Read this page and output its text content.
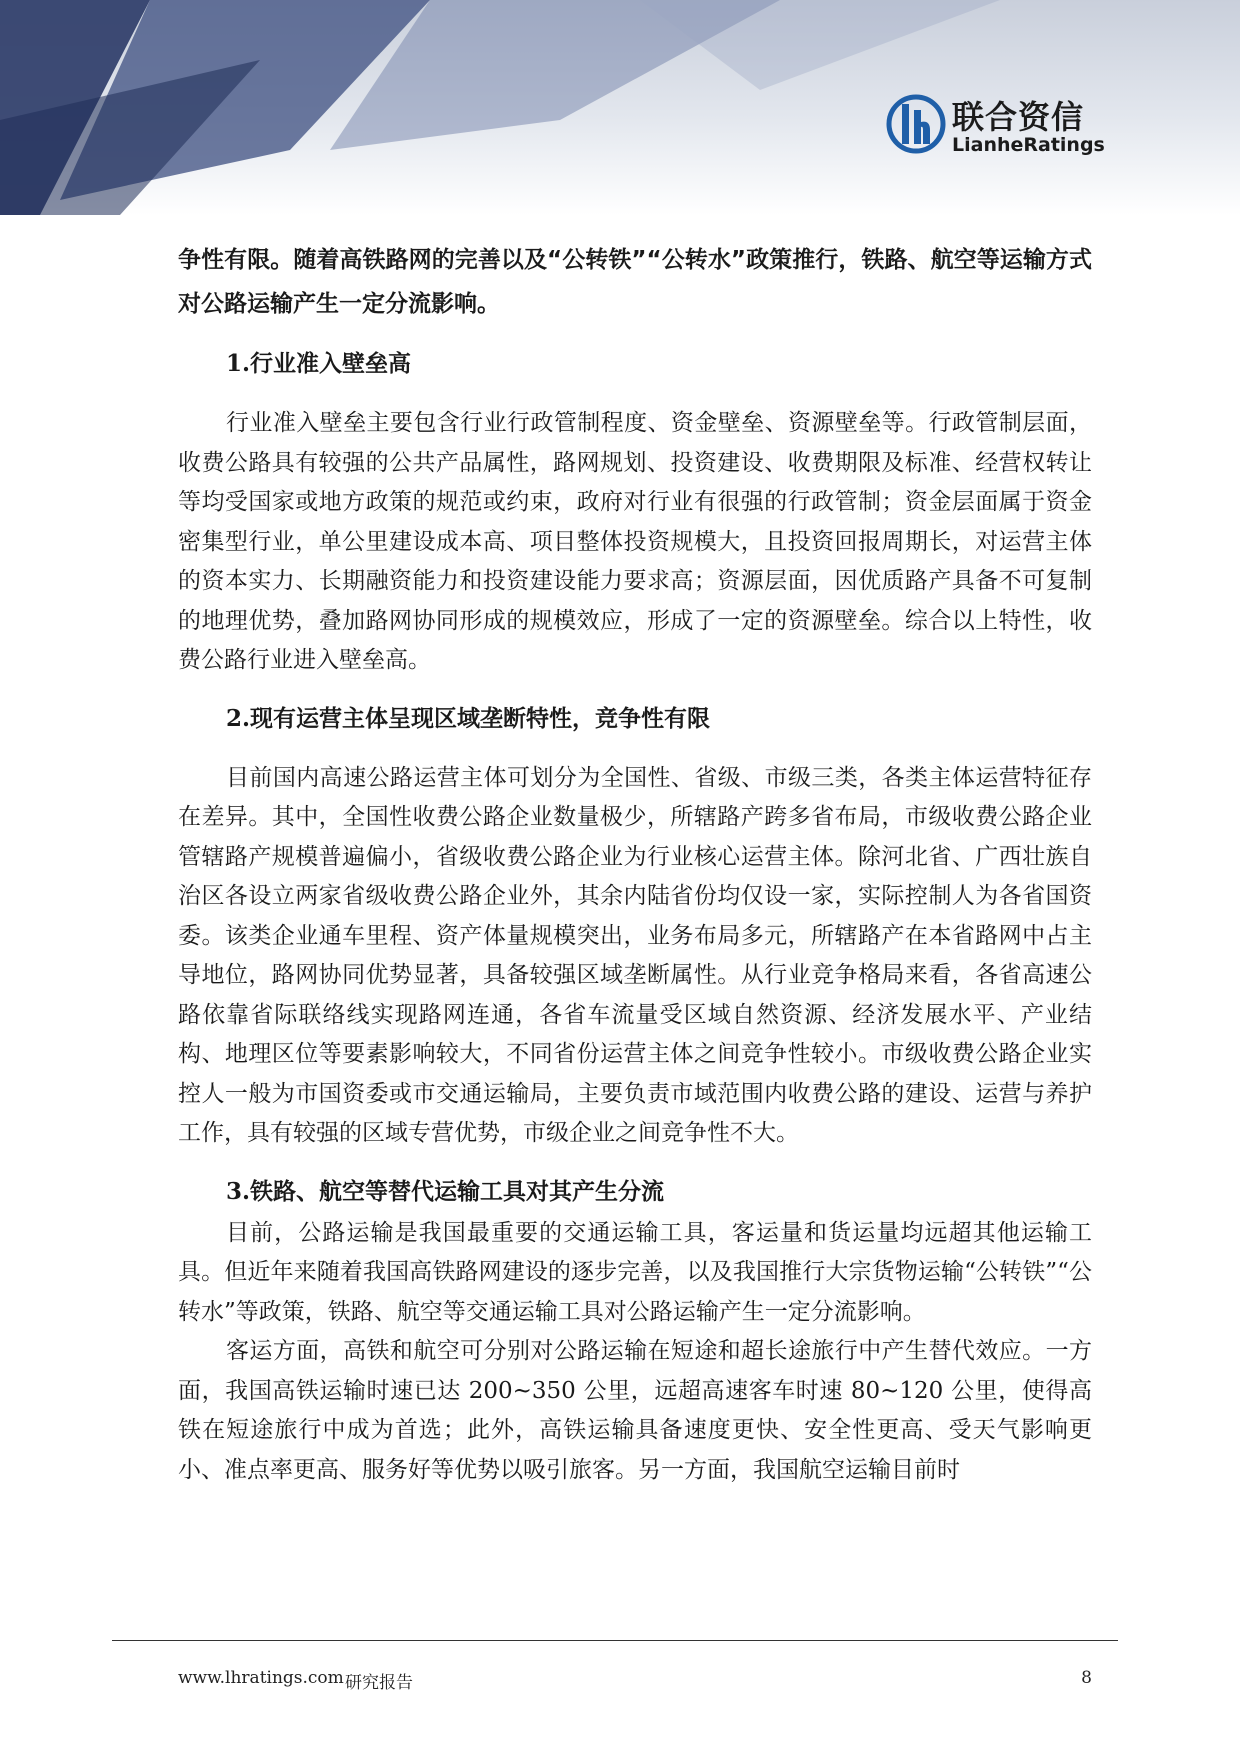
联合资信
LianheRatings

争性有限。随着高铁路网的完善以及“公转铁”“公转水”政策推行，铁路、航空等运输方式对公路运输产生一定分流影响。

1.行业准入壁垒高

行业准入壁垒主要包含行业行政管制程度、资金壁垒、资源壁垒等。行政管制层面，收费公路具有较强的公共产品属性，路网规划、投资建设、收费期限及标准、经营权转让等均受国家或地方政策的规范或约束，政府对行业有很强的行政管制；资金层面属于资金密集型行业，单公里建设成本高、项目整体投资规模大，且投资回报周期长，对运营主体的资本实力、长期融资能力和投资建设能力要求高；资源层面，因优质路产具备不可复制的地理优势，叠加路网协同形成的规模效应，形成了一定的资源壁垒。综合以上特性，收费公路行业进入壁垒高。

2.现有运营主体呈现区域垄断特性，竞争性有限

目前国内高速公路运营主体可划分为全国性、省级、市级三类，各类主体运营特征存在差异。其中，全国性收费公路企业数量极少，所辖路产跨多省布局，市级收费公路企业管辖路产规模普遍偏小，省级收费公路企业为行业核心运营主体。除河北省、广西壮族自治区各设立两家省级收费公路企业外，其余内陆省份均仅设一家，实际控制人为各省国资委。该类企业通车里程、资产体量规模突出，业务布局多元，所辖路产在本省路网中占主导地位，路网协同优势显著，具备较强区域垄断属性。从行业竞争格局来看，各省高速公路依靠省际联络线实现路网连通，各省车流量受区域自然资源、经济发展水平、产业结构、地理区位等要素影响较大，不同省份运营主体之间竞争性较小。市级收费公路企业实控人一般为市国资委或市交通运输局，主要负责市域范围内收费公路的建设、运营与养护工作，具有较强的区域专营优势，市级企业之间竞争性不大。

3.铁路、航空等替代运输工具对其产生分流

目前，公路运输是我国最重要的交通运输工具，客运量和货运量均远超其他运输工具。但近年来随着我国高铁路网建设的逐步完善，以及我国推行大宗货物运输“公转铁”“公转水”等政策，铁路、航空等交通运输工具对公路运输产生一定分流影响。

客运方面，高铁和航空可分别对公路运输在短途和超长途旅行中产生替代效应。一方面，我国高铁运输时速已达 200~350 公里，远超高速客车时速 80~120 公里，使得高铁在短途旅行中成为首选；此外，高铁运输具备速度更快、安全性更高、受天气影响更小、准点率更高、服务好等优势以吸引旅客。另一方面，我国航空运输目前时

www.lhratings.com 研究报告	8
